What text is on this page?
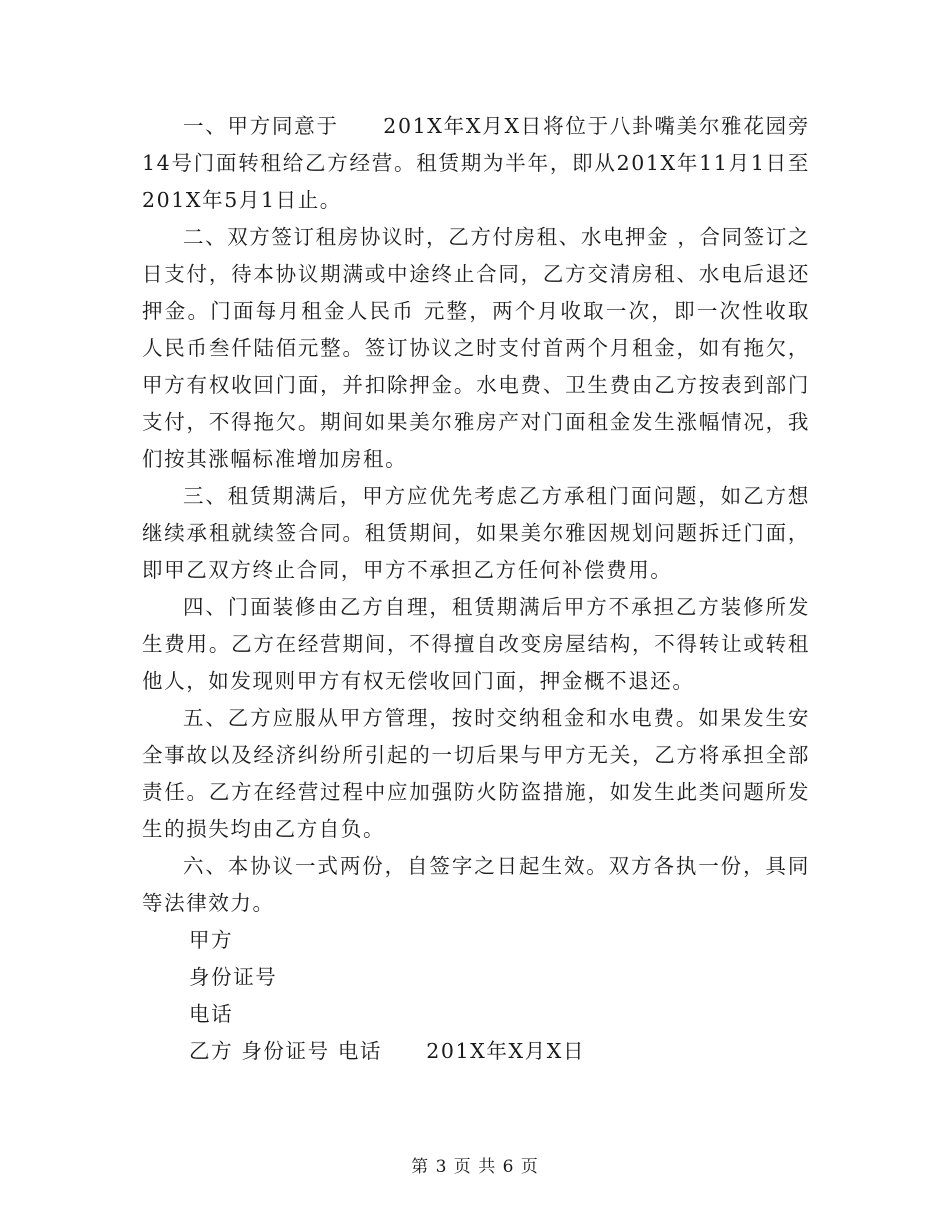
一、甲方同意于　　201X年X月X日将位于八卦嘴美尔雅花园旁14号门面转租给乙方经营。租赁期为半年，即从201X年11月1日至201X年5月1日止。

二、双方签订租房协议时，乙方付房租、水电押金 ，合同签订之日支付，待本协议期满或中途终止合同，乙方交清房租、水电后退还押金。门面每月租金人民币 元整，两个月收取一次，即一次性收取人民币叁仟陆佰元整。签订协议之时支付首两个月租金，如有拖欠，甲方有权收回门面，并扣除押金。水电费、卫生费由乙方按表到部门支付，不得拖欠。期间如果美尔雅房产对门面租金发生涨幅情况，我们按其涨幅标准增加房租。

三、租赁期满后，甲方应优先考虑乙方承租门面问题，如乙方想继续承租就续签合同。租赁期间，如果美尔雅因规划问题拆迁门面，即甲乙双方终止合同，甲方不承担乙方任何补偿费用。

四、门面装修由乙方自理，租赁期满后甲方不承担乙方装修所发生费用。乙方在经营期间，不得擅自改变房屋结构，不得转让或转租他人，如发现则甲方有权无偿收回门面，押金概不退还。

五、乙方应服从甲方管理，按时交纳租金和水电费。如果发生安全事故以及经济纠纷所引起的一切后果与甲方无关，乙方将承担全部责任。乙方在经营过程中应加强防火防盗措施，如发生此类问题所发生的损失均由乙方自负。

六、本协议一式两份，自签字之日起生效。双方各执一份，具同等法律效力。

甲方

身份证号

电话

乙方 身份证号 电话　　201X年X月X日

第 3 页 共 6 页
